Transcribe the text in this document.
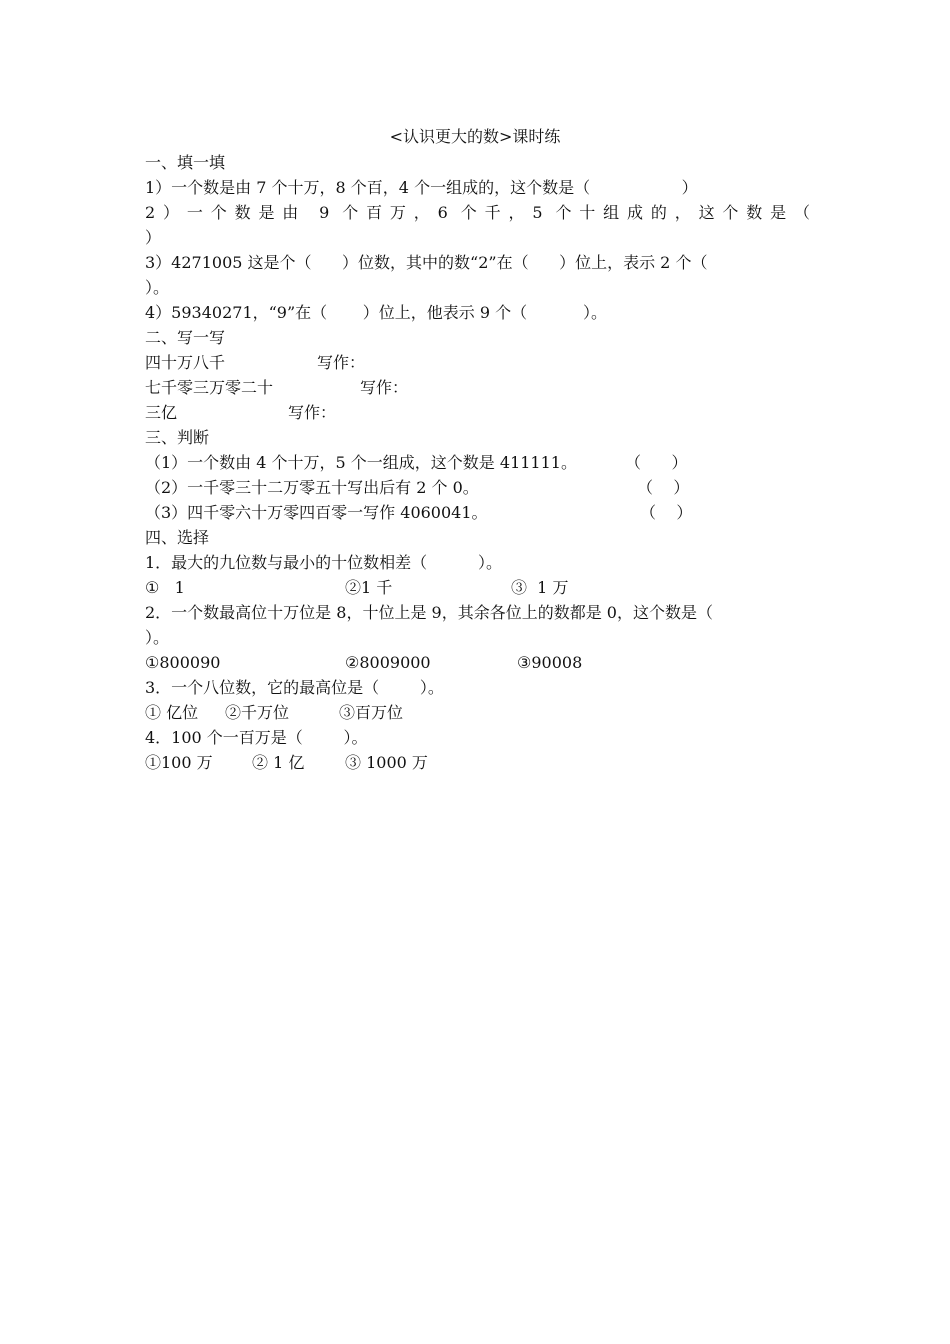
<认识更大的数>课时练
一、填一填
1）一个数是由 7 个十万，8 个百，4 个一组成的，这个数是（                  ）
2）一个数是由 9 个百万，6 个千，5 个十组成的，这个数是（
）
3）4271005 这是个（      ）位数，其中的数“2”在（      ）位上，表示 2 个（
）。
4）59340271，“9”在（       ）位上，他表示 9 个（           ）。
二、写一写

四十万八千

	写作：

七千零三万零二十

	写作：

三亿

	写作：

三、判断

（1）一个数由 4 个十万，5 个一组成，这个数是 411111。

	（      ）

（2）一千零三十二万零五十写出后有 2 个 0。

	（    ）

（3）四千零六十万零四百零一写作 4060041。

	（    ）

四、选择
1．最大的九位数与最小的十位数相差（          ）。

①   1

	②1 千

	③  1 万

2．一个数最高位十万位是 8，十位上是 9，其余各位上的数都是 0，这个数是（
）。

①800090

	②8009000

	③90008

3．一个八位数，它的最高位是（        ）。

① 亿位

②千万位

	③百万位

4．100 个一百万是（        ）。

①100 万

② 1 亿

	③ 1000 万
